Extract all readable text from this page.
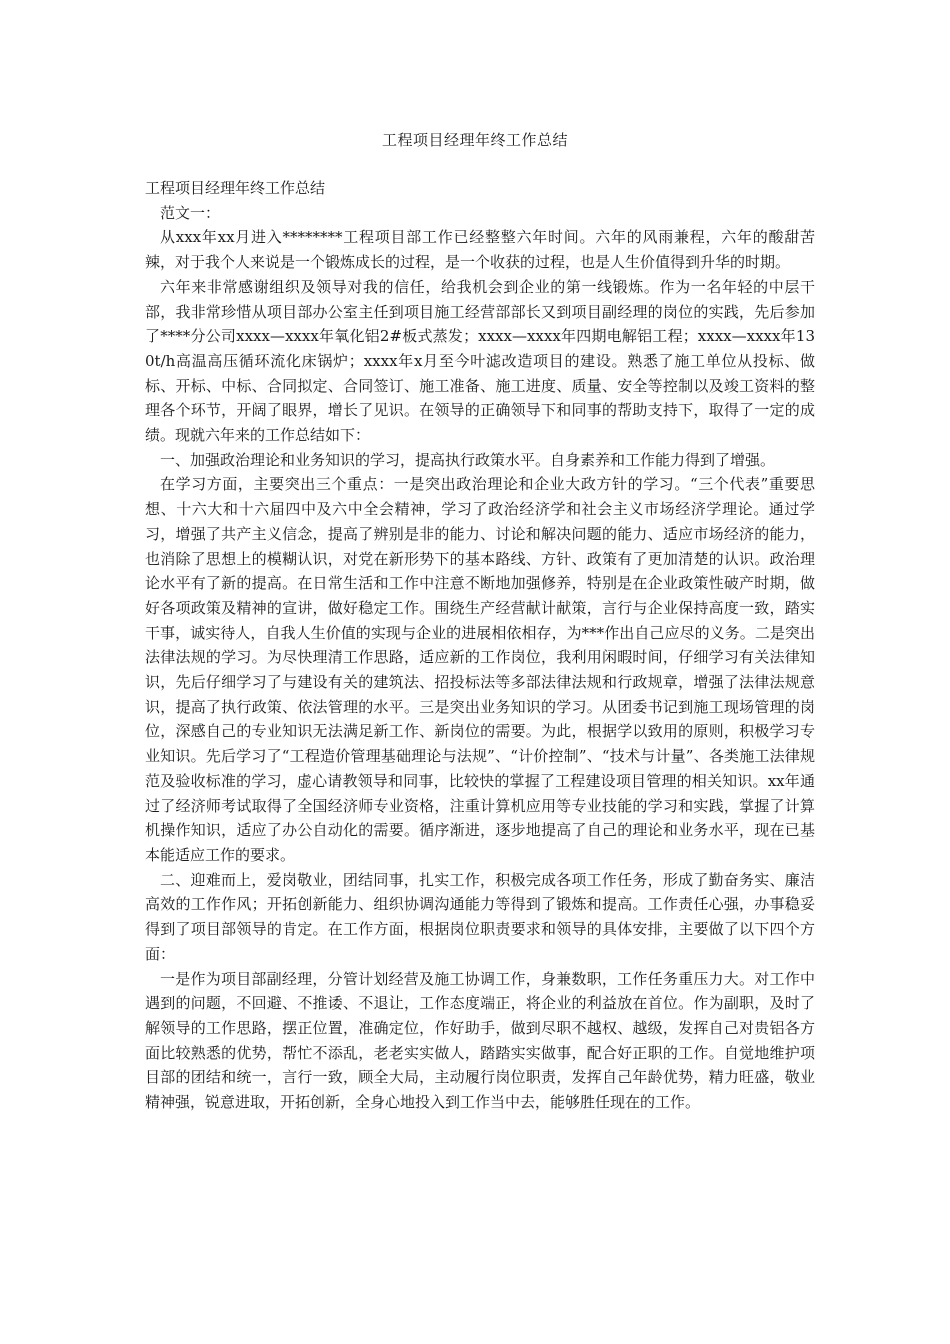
工程项目经理年终工作总结

工程项目经理年终工作总结

范文一：

从xxx年xx月进入********工程项目部工作已经整整六年时间。六年的风雨兼程，六年的酸甜苦辣，对于我个人来说是一个锻炼成长的过程，是一个收获的过程，也是人生价值得到升华的时期。

六年来非常感谢组织及领导对我的信任，给我机会到企业的第一线锻炼。作为一名年轻的中层干部，我非常珍惜从项目部办公室主任到项目施工经营部部长又到项目副经理的岗位的实践，先后参加了****分公司xxxx—xxxx年氧化铝2#板式蒸发；xxxx—xxxx年四期电解铝工程；xxxx—xxxx年130t/h高温高压循环流化床锅炉；xxxx年x月至今叶滤改造项目的建设。熟悉了施工单位从投标、做标、开标、中标、合同拟定、合同签订、施工准备、施工进度、质量、安全等控制以及竣工资料的整理各个环节，开阔了眼界，增长了见识。在领导的正确领导下和同事的帮助支持下，取得了一定的成绩。现就六年来的工作总结如下：

一、加强政治理论和业务知识的学习，提高执行政策水平。自身素养和工作能力得到了增强。

在学习方面，主要突出三个重点：一是突出政治理论和企业大政方针的学习。“三个代表”重要思想、十六大和十六届四中及六中全会精神，学习了政治经济学和社会主义市场经济学理论。通过学习，增强了共产主义信念，提高了辨别是非的能力、讨论和解决问题的能力、适应市场经济的能力，也消除了思想上的模糊认识，对党在新形势下的基本路线、方针、政策有了更加清楚的认识。政治理论水平有了新的提高。在日常生活和工作中注意不断地加强修养，特别是在企业政策性破产时期，做好各项政策及精神的宣讲，做好稳定工作。围绕生产经营献计献策，言行与企业保持高度一致，踏实干事，诚实待人，自我人生价值的实现与企业的进展相依相存，为***作出自己应尽的义务。二是突出法律法规的学习。为尽快理清工作思路，适应新的工作岗位，我利用闲暇时间，仔细学习有关法律知识，先后仔细学习了与建设有关的建筑法、招投标法等多部法律法规和行政规章，增强了法律法规意识，提高了执行政策、依法管理的水平。三是突出业务知识的学习。从团委书记到施工现场管理的岗位，深感自己的专业知识无法满足新工作、新岗位的需要。为此，根据学以致用的原则，积极学习专业知识。先后学习了“工程造价管理基础理论与法规”、“计价控制”、“技术与计量”、各类施工法律规范及验收标准的学习，虚心请教领导和同事，比较快的掌握了工程建设项目管理的相关知识。xx年通过了经济师考试取得了全国经济师专业资格，注重计算机应用等专业技能的学习和实践，掌握了计算机操作知识，适应了办公自动化的需要。循序渐进，逐步地提高了自己的理论和业务水平，现在已基本能适应工作的要求。

二、迎难而上，爱岗敬业，团结同事，扎实工作，积极完成各项工作任务，形成了勤奋务实、廉洁高效的工作作风；开拓创新能力、组织协调沟通能力等得到了锻炼和提高。工作责任心强，办事稳妥得到了项目部领导的肯定。在工作方面，根据岗位职责要求和领导的具体安排，主要做了以下四个方面：

一是作为项目部副经理，分管计划经营及施工协调工作，身兼数职，工作任务重压力大。对工作中遇到的问题，不回避、不推诿、不退让，工作态度端正，将企业的利益放在首位。作为副职，及时了解领导的工作思路，摆正位置，准确定位，作好助手，做到尽职不越权、越级，发挥自己对贵铝各方面比较熟悉的优势，帮忙不添乱，老老实实做人，踏踏实实做事，配合好正职的工作。自觉地维护项目部的团结和统一，言行一致，顾全大局，主动履行岗位职责，发挥自己年龄优势，精力旺盛，敬业精神强，锐意进取，开拓创新，全身心地投入到工作当中去，能够胜任现在的工作。
